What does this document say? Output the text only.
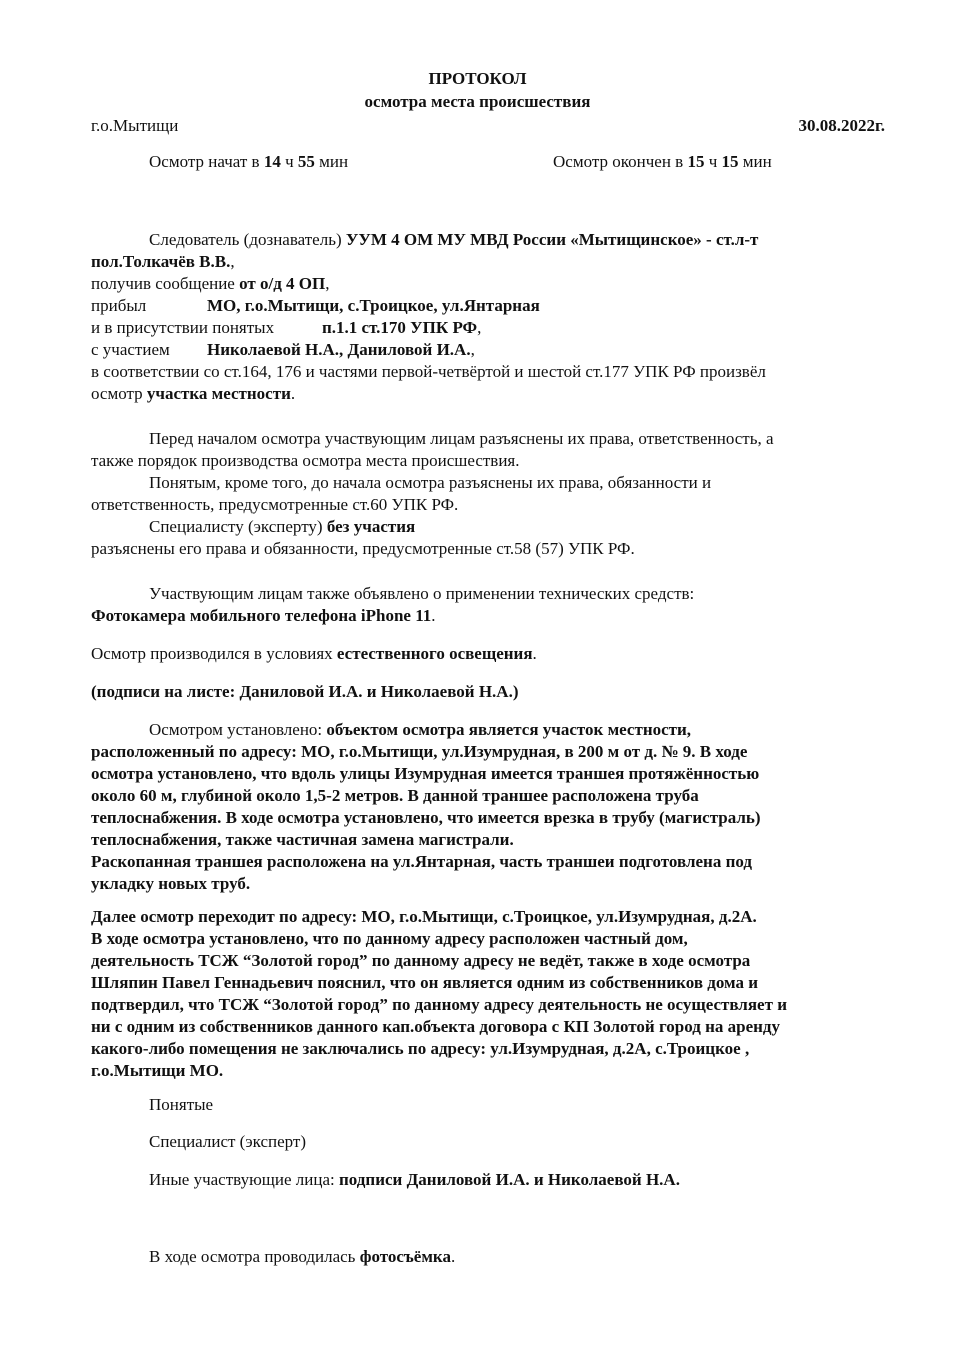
ПРОТОКОЛ
осмотра места происшествия
г.о.Мытищи	30.08.2022г.
Осмотр начат в 14 ч 55 мин	Осмотр окончен в 15 ч 15 мин
Следователь (дознаватель) УУМ 4 ОМ МУ МВД России «Мытищинское» - ст.л-т
пол.Толкачёв В.В.,
получив сообщение от о/д 4 ОП,
прибыл	МО, г.о.Мытищи, с.Троицкое, ул.Янтарная
и в присутствии понятых	п.1.1 ст.170 УПК РФ,
с участием Николаевой Н.А., Даниловой И.А.,
в соответствии со ст.164, 176 и частями первой-четвёртой и шестой ст.177 УПК РФ произвёл
осмотр участка местности.
Перед началом осмотра участвующим лицам разъяснены их права, ответственность, а
также порядок производства осмотра места происшествия.
Понятым, кроме того, до начала осмотра разъяснены их права, обязанности и
ответственность, предусмотренные ст.60 УПК РФ.
Специалисту (эксперту) без участия
разъяснены его права и обязанности, предусмотренные ст.58 (57) УПК РФ.
Участвующим лицам также объявлено о применении технических средств:
Фотокамера мобильного телефона iPhone 11.
Осмотр производился в условиях естественного освещения.
(подписи на листе: Даниловой И.А. и Николаевой Н.А.)
Осмотром установлено: объектом осмотра является участок местности,
расположенный по адресу: МО, г.о.Мытищи, ул.Изумрудная, в 200 м от д. № 9. В ходе
осмотра установлено, что вдоль улицы Изумрудная имеется траншея протяжённостью
около 60 м, глубиной около 1,5-2 метров. В данной траншее расположена труба
теплоснабжения. В ходе осмотра установлено, что имеется врезка в трубу (магистраль)
теплоснабжения, также частичная замена магистрали.
Раскопанная траншея расположена на ул.Янтарная, часть траншеи подготовлена под
укладку новых труб.
Далее осмотр переходит по адресу: МО, г.о.Мытищи, с.Троицкое, ул.Изумрудная, д.2А.
В ходе осмотра установлено, что по данному адресу расположен частный дом,
деятельность ТСЖ “Золотой город” по данному адресу не ведёт, также в ходе осмотра
Шляпин Павел Геннадьевич пояснил, что он является одним из собственников дома и
подтвердил, что ТСЖ “Золотой город” по данному адресу деятельность не осуществляет и
ни с одним из собственников данного кап.объекта договора с КП Золотой город на аренду
какого-либо помещения не заключались по адресу: ул.Изумрудная, д.2А, с.Троицкое ,
г.о.Мытищи МО.
Понятые
Специалист (эксперт)
Иные участвующие лица: подписи Даниловой И.А. и Николаевой Н.А.
В ходе осмотра проводилась фотосъёмка.
